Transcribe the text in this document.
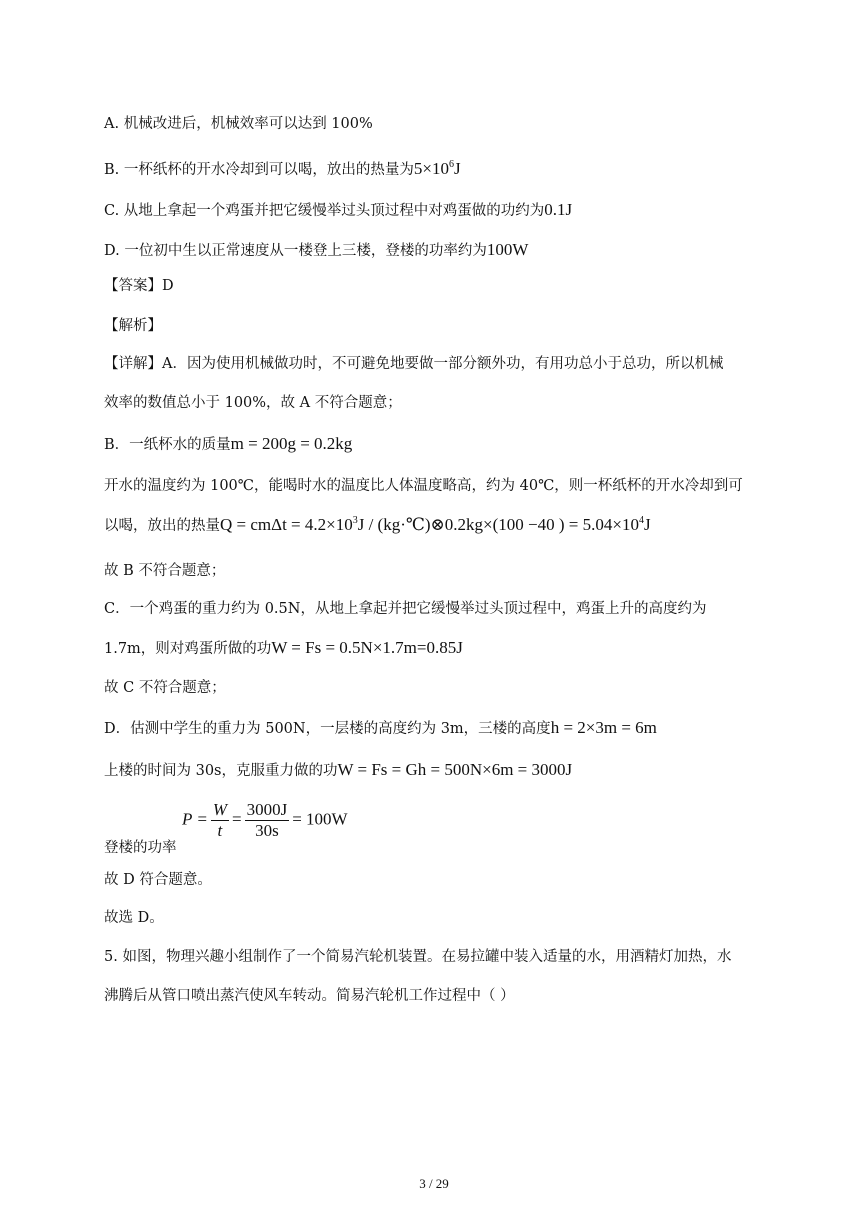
A. 机械改进后，机械效率可以达到 100%
B. 一杯纸杯的开水冷却到可以喝，放出的热量为$5\times 10^6J$
C. 从地上拿起一个鸡蛋并把它缓慢举过头顶过程中对鸡蛋做的功约为0.1J
D. 一位初中生以正常速度从一楼登上三楼，登楼的功率约为100W
【答案】D
【解析】
【详解】A．因为使用机械做功时，不可避免地要做一部分额外功，有用功总小于总功，所以机械
效率的数值总小于 100%，故 A 不符合题意；
B．一纸杯水的质量m = 200g = 0.2kg
开水的温度约为 100℃，能喝时水的温度比人体温度略高，约为 40℃，则一杯纸杯的开水冷却到可
以喝，放出的热量$Q = cm\Delta t = 4.2\times 10^3J$ / (kg·℃)⊗0.2kg×(100 −40 ) = $5.04\times 10^4J$
故 B 不符合题意；
C．一个鸡蛋的重力约为 0.5N，从地上拿起并把它缓慢举过头顶过程中，鸡蛋上升的高度约为
1.7m，则对鸡蛋所做的功W = Fs = 0.5N×1.7m=0.85J
故 C 不符合题意；
D．估测中学生的重力为 500N，一层楼的高度约为 3m，三楼的高度h = 2×3m = 6m
上楼的时间为 30s，克服重力做的功W = Fs = Gh = 500N×6m = 3000J
登楼的功率
$P = \frac{W}{t} = \frac{3000J}{30s} = 100W$
故 D 符合题意。
故选 D。
5. 如图，物理兴趣小组制作了一个简易汽轮机装置。在易拉罐中装入适量的水，用酒精灯加热，水
沸腾后从管口喷出蒸汽使风车转动。简易汽轮机工作过程中（ ）
3 / 29
